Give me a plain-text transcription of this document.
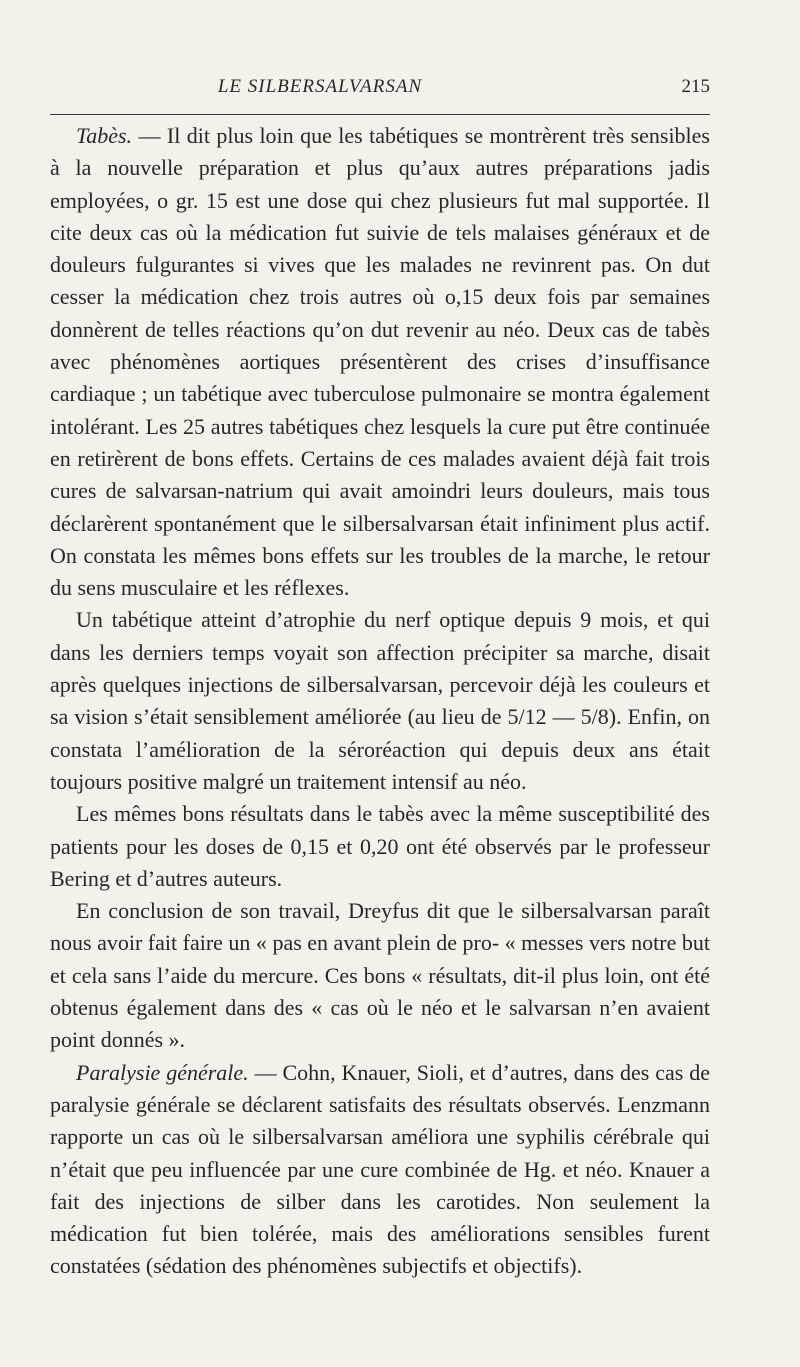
LE SILBERSALVARSAN	215

Tabès. — Il dit plus loin que les tabétiques se montrèrent très sensibles à la nouvelle préparation et plus qu’aux autres préparations jadis employées, o gr. 15 est une dose qui chez plusieurs fut mal supportée. Il cite deux cas où la médication fut suivie de tels malaises généraux et de douleurs fulgurantes si vives que les malades ne revinrent pas. On dut cesser la médication chez trois autres où o,15 deux fois par semaines donnèrent de telles réactions qu’on dut revenir au néo. Deux cas de tabès avec phénomènes aortiques présentèrent des crises d’insuffisance cardiaque ; un tabétique avec tuberculose pulmonaire se montra également intolérant. Les 25 autres tabétiques chez lesquels la cure put être continuée en retirèrent de bons effets. Certains de ces malades avaient déjà fait trois cures de salvarsan-natrium qui avait amoindri leurs douleurs, mais tous déclarèrent spontanément que le silbersalvarsan était infiniment plus actif. On constata les mêmes bons effets sur les troubles de la marche, le retour du sens musculaire et les réflexes.

Un tabétique atteint d’atrophie du nerf optique depuis 9 mois, et qui dans les derniers temps voyait son affection précipiter sa marche, disait après quelques injections de silbersalvarsan, percevoir déjà les couleurs et sa vision s’était sensiblement améliorée (au lieu de 5/12 — 5/8). Enfin, on constata l’amélioration de la séroréaction qui depuis deux ans était toujours positive malgré un traitement intensif au néo.

Les mêmes bons résultats dans le tabès avec la même susceptibilité des patients pour les doses de 0,15 et 0,20 ont été observés par le professeur Bering et d’autres auteurs.

En conclusion de son travail, Dreyfus dit que le silbersalvarsan paraît nous avoir fait faire un « pas en avant plein de pro- « messes vers notre but et cela sans l’aide du mercure. Ces bons « résultats, dit-il plus loin, ont été obtenus également dans des « cas où le néo et le salvarsan n’en avaient point donnés ».

Paralysie générale. — Cohn, Knauer, Sioli, et d’autres, dans des cas de paralysie générale se déclarent satisfaits des résultats observés. Lenzmann rapporte un cas où le silbersalvarsan améliora une syphilis cérébrale qui n’était que peu influencée par une cure combinée de Hg. et néo. Knauer a fait des injections de silber dans les carotides. Non seulement la médication fut bien tolérée, mais des améliorations sensibles furent constatées (sédation des phénomènes subjectifs et objectifs).
